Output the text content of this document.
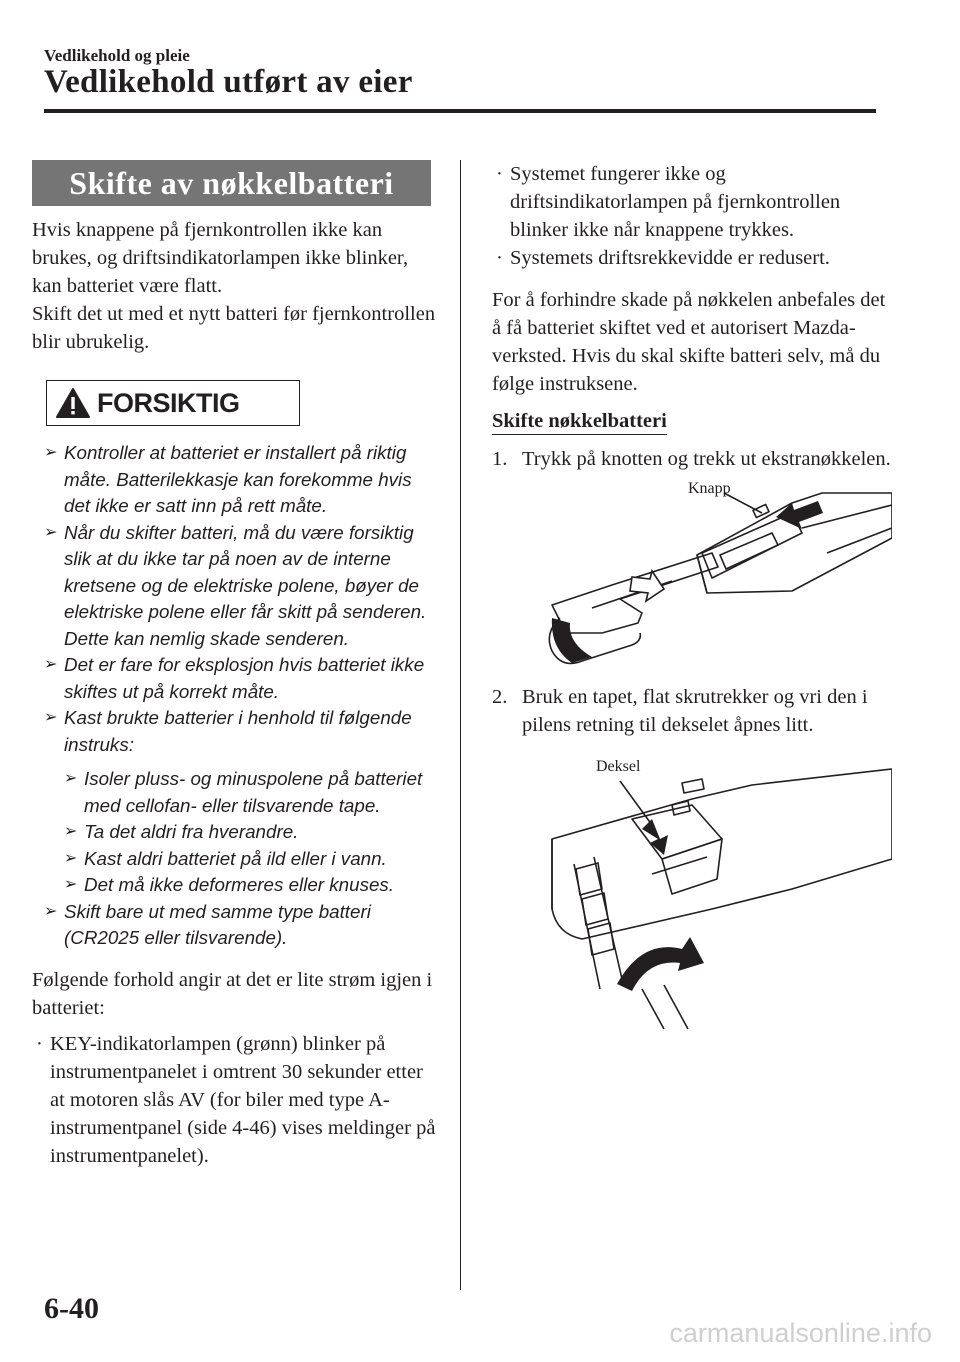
Vedlikehold og pleie
Vedlikehold utført av eier
Skifte av nøkkelbatteri
Hvis knappene på fjernkontrollen ikke kan brukes, og driftsindikatorlampen ikke blinker, kan batteriet være flatt.
Skift det ut med et nytt batteri før fjernkontrollen blir ubrukelig.
FORSIKTIG
➢ Kontroller at batteriet er installert på riktig måte. Batterilekkasje kan forekomme hvis det ikke er satt inn på rett måte.
➢ Når du skifter batteri, må du være forsiktig slik at du ikke tar på noen av de interne kretsene og de elektriske polene, bøyer de elektriske polene eller får skitt på senderen. Dette kan nemlig skade senderen.
➢ Det er fare for eksplosjon hvis batteriet ikke skiftes ut på korrekt måte.
➢ Kast brukte batterier i henhold til følgende instruks:
➢ Isoler pluss- og minuspolene på batteriet med cellofan- eller tilsvarende tape.
➢ Ta det aldri fra hverandre.
➢ Kast aldri batteriet på ild eller i vann.
➢ Det må ikke deformeres eller knuses.
➢ Skift bare ut med samme type batteri (CR2025 eller tilsvarende).
Følgende forhold angir at det er lite strøm igjen i batteriet:
· KEY-indikatorlampen (grønn) blinker på instrumentpanelet i omtrent 30 sekunder etter at motoren slås AV (for biler med type A-instrumentpanel (side 4-46) vises meldinger på instrumentpanelet).
· Systemet fungerer ikke og driftsindikatorlampen på fjernkontrollen blinker ikke når knappene trykkes.
· Systemets driftsrekkevidde er redusert.
For å forhindre skade på nøkkelen anbefales det å få batteriet skiftet ved et autorisert Mazda-verksted. Hvis du skal skifte batteri selv, må du følge instruksene.
Skifte nøkkelbatteri
1. Trykk på knotten og trekk ut ekstranøkkelen.
Knapp
2. Bruk en tapet, flat skrutrekker og vri den i pilens retning til dekselet åpnes litt.
Deksel
6-40
carmanualsonline.info
